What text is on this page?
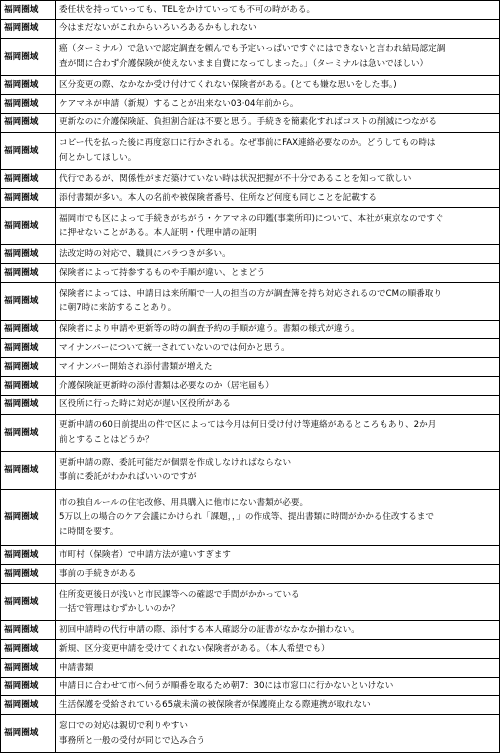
福岡圏域	委任状を持っていっても、TELをかけていっても不可の時がある。

福岡圏域	今はまだないがこれからいろいろあるかもしれない

福岡圏域	癌（ターミナル）で急いで認定調査を頼んでも予定いっぱいですぐにはできないと言われ結局認定調
査が間に合わず介護保険が使えないまま自費になってしまった。」（ターミナルは急いでほしい）

福岡圏域	区分変更の際、なかなか受け付けてくれない保険者がある。(とても嫌な思いをした事。)

福岡圏域	ケアマネが申請（新規）することが出来ない03·04年前から。

福岡圏域	更新なのに介護保険証、負担割合証は不要と思う。手続きを簡素化すればコストの削減につながる

福岡圏域	コピー代を払った後に再度窓口に行かされる。なぜ事前にFAX連絡必要なのか。どうしてもの時は
何とかしてほしい。

福岡圏域	代行であるが、関係性がまだ築けていない時は状況把握が不十分であることを知って欲しい

福岡圏域	添付書類が多い。本人の名前や被保険者番号、住所など何度も同じことを記載する

福岡圏域	福岡市でも区によって手続きがちがう・ケアマネの印鑑(事業所印)について、本社が東京なのですぐ
に押せないことがある。本人証明・代理申請の証明

福岡圏域	法改定時の対応で、職員にバラつきが多い。

福岡圏域	保険者によって持参するものや手順が違い、とまどう

福岡圏域	保険者によっては、申請日は来所順で一人の担当の方が調査簿を持ち対応されるのでCMの順番取り
に朝7時に来訪することあり。

福岡圏域	保険者により申請や更新等の時の調査予約の手順が違う。書類の様式が違う。

福岡圏域	マイナンバーについて統一されていないのでは何かと思う。

福岡圏域	マイナンバー開始され添付書類が増えた

福岡圏域	介護保険証更新時の添付書類は必要なのか（居宅届も）

福岡圏域	区役所に行った時に対応が遅い区役所がある

福岡圏域	更新申請の60日前提出の件で区によっては今月は何日受け付け等連絡があるところもあり、2か月
前とすることはどうか？

福岡圏域	更新申請の際、委託可能だが個票を作成しなければならない
事前に委託がわかればいいのですが

福岡圏域	市の独自ルールの住宅改修、用具購入に他市にない書類が必要。
5万以上の場合のケア会議にかけられ「課題，，」の作成等、提出書類に時間がかかる住改するまで
に時間を要す。

福岡圏域	市町村（保険者）で申請方法が違いすぎます

福岡圏域	事前の手続きがある

福岡圏域	住所変更後日が浅いと市民課等への確認で手間がかかっている
一括で管理はむずかしいのか？

福岡圏域	初回申請時の代行申請の際、添付する本人確認分の証書がなかなか揃わない。

福岡圏域	新規、区分変更申請を受けてくれない保険者がある。（本人希望でも）

福岡圏域	申請書類

福岡圏域	申請日に合わせて市へ伺うが順番を取るため朝7：30には市窓口に行かないといけない

福岡圏域	生活保護を受給されている65歳未満の被保険者が保護廃止なる際連携が取れない

福岡圏域	窓口での対応は親切で利りやすい
事務所と一般の受付が同じで込み合う
